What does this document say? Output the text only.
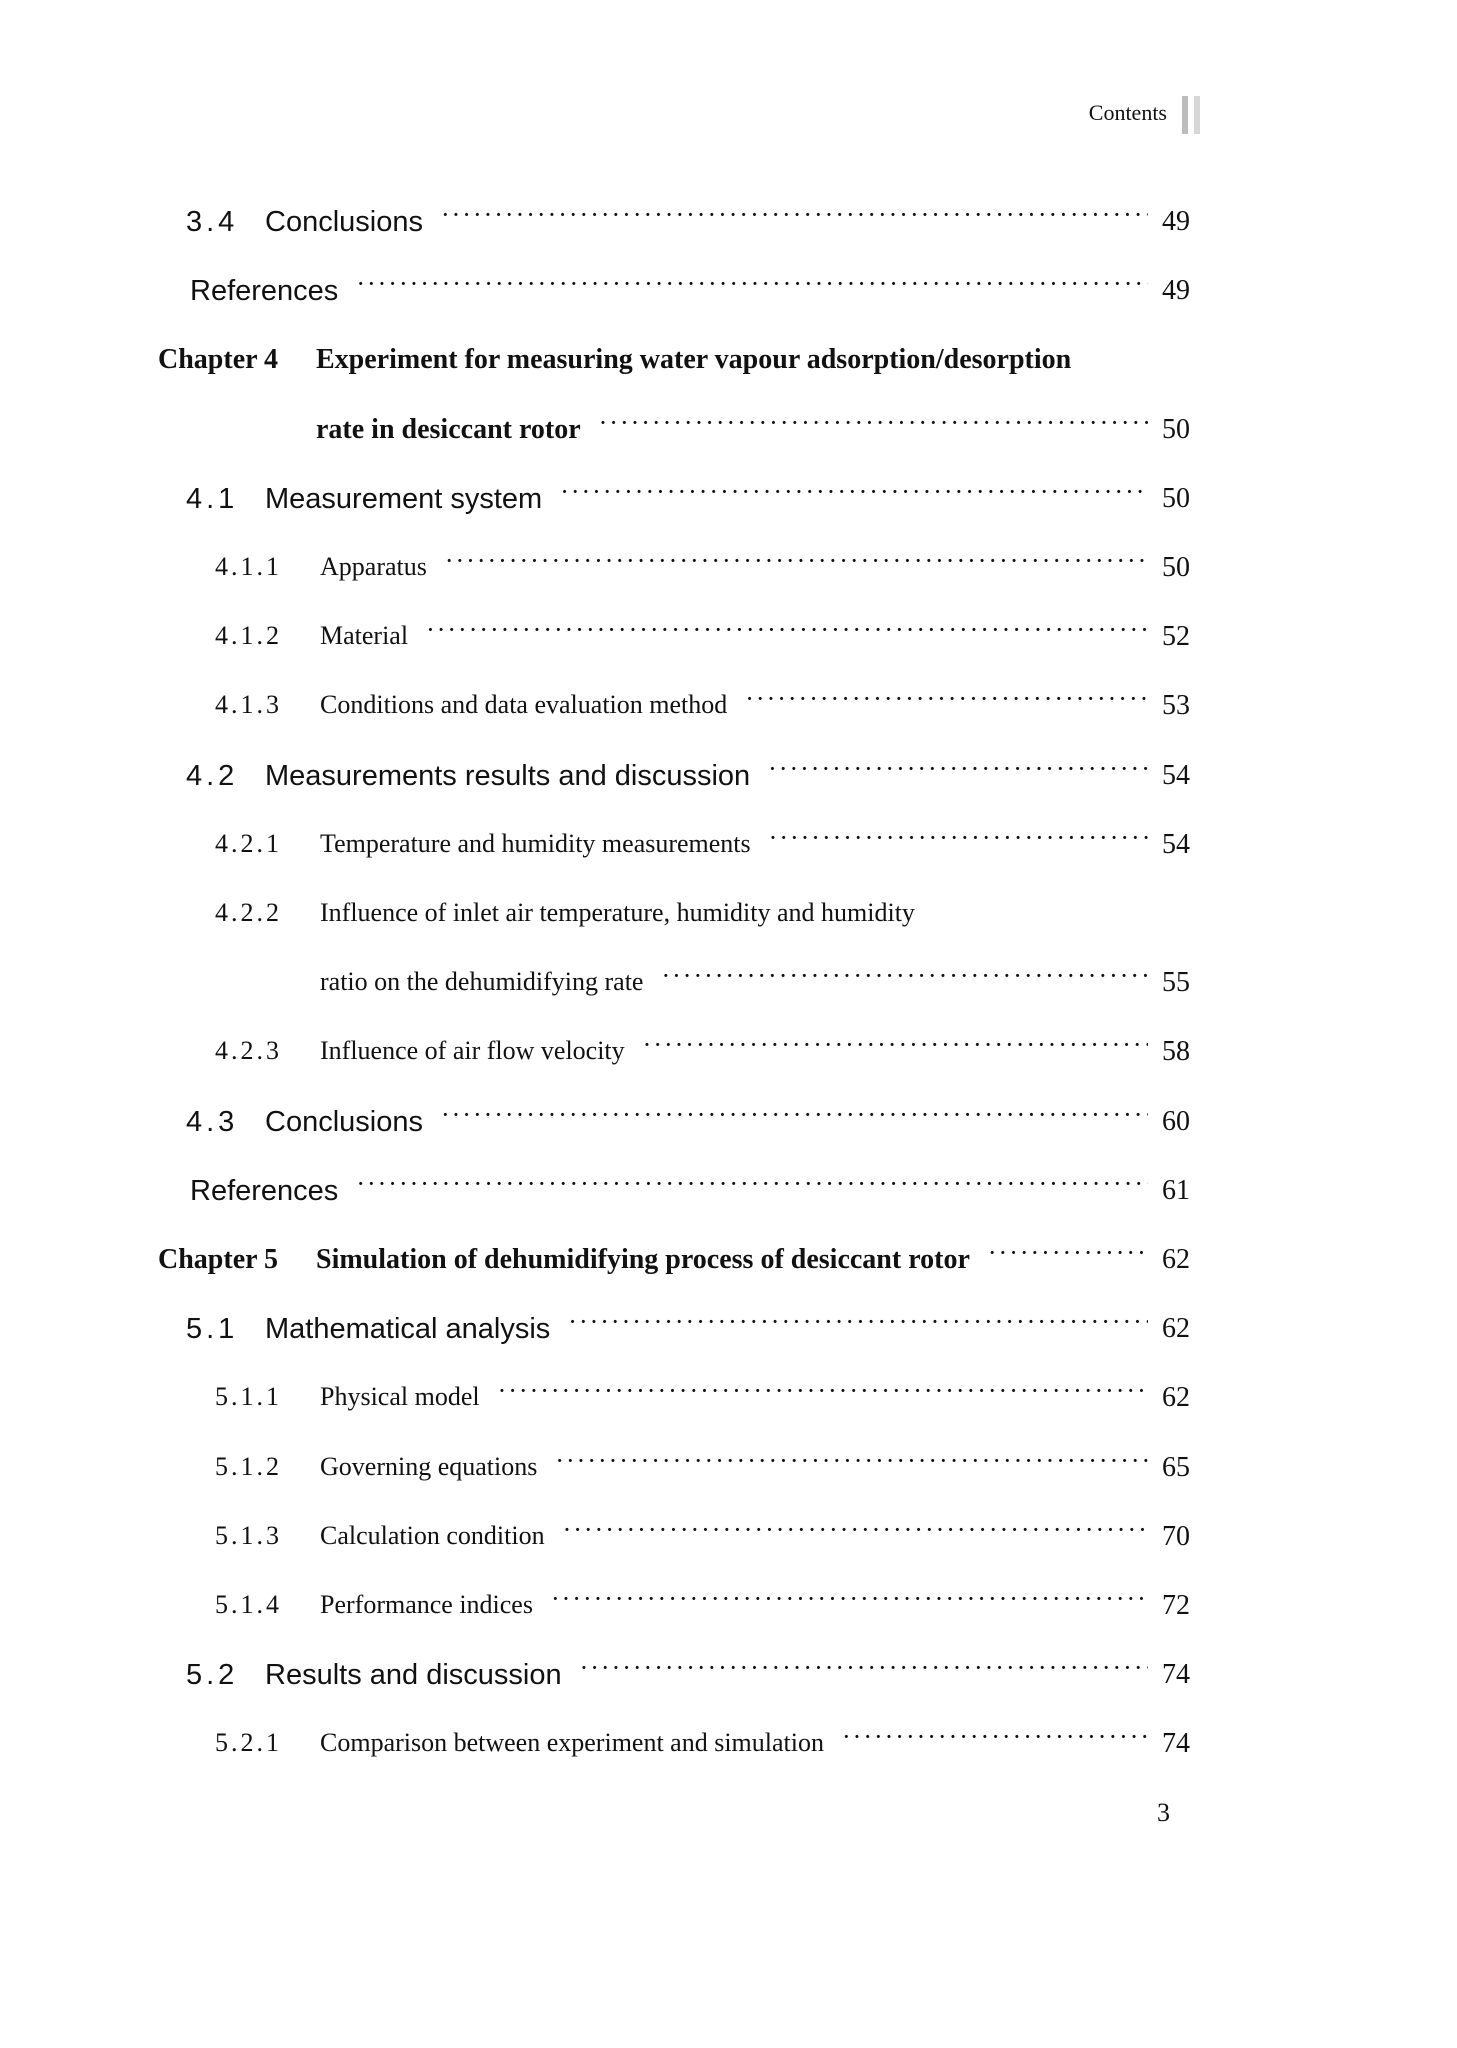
Contents
3.4 Conclusions ·····	49
References ·····	49
Chapter 4 Experiment for measuring water vapour adsorption/desorption
rate in desiccant rotor ·····	50
4.1 Measurement system ·····	50
4.1.1 Apparatus ·····	50
4.1.2 Material ·····	52
4.1.3 Conditions and data evaluation method ·····	53
4.2 Measurements results and discussion ·····	54
4.2.1 Temperature and humidity measurements ·····	54
4.2.2 Influence of inlet air temperature, humidity and humidity
ratio on the dehumidifying rate ·····	55
4.2.3 Influence of air flow velocity ·····	58
4.3 Conclusions ·····	60
References ·····	61
Chapter 5 Simulation of dehumidifying process of desiccant rotor ·····	62
5.1 Mathematical analysis ·····	62
5.1.1 Physical model ·····	62
5.1.2 Governing equations ·····	65
5.1.3 Calculation condition ·····	70
5.1.4 Performance indices ·····	72
5.2 Results and discussion ·····	74
5.2.1 Comparison between experiment and simulation ·····	74
3
